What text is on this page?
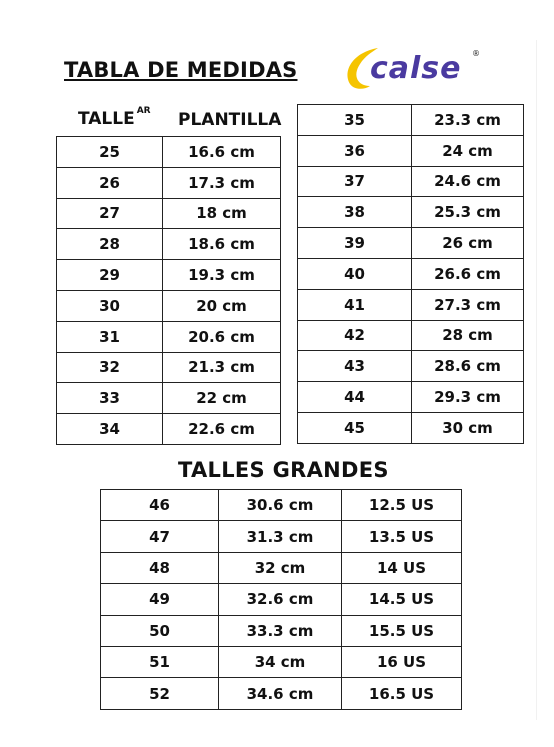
TABLA DE MEDIDAS calse ®
TALLE $^{AR}$ PLANTILLA
25	16.6 cm
26	17.3 cm
27	18 cm
28	18.6 cm
29	19.3 cm
30	20 cm
31	20.6 cm
32	21.3 cm
33	22 cm
34	22.6 cm
35	23.3 cm
36	24 cm
37	24.6 cm
38	25.3 cm
39	26 cm
40	26.6 cm
41	27.3 cm
42	28 cm
43	28.6 cm
44	29.3 cm
45	30 cm
TALLES GRANDES
46	30.6 cm	12.5 US
47	31.3 cm	13.5 US
48	32 cm	14 US
49	32.6 cm	14.5 US
50	33.3 cm	15.5 US
51	34 cm	16 US
52	34.6 cm	16.5 US
